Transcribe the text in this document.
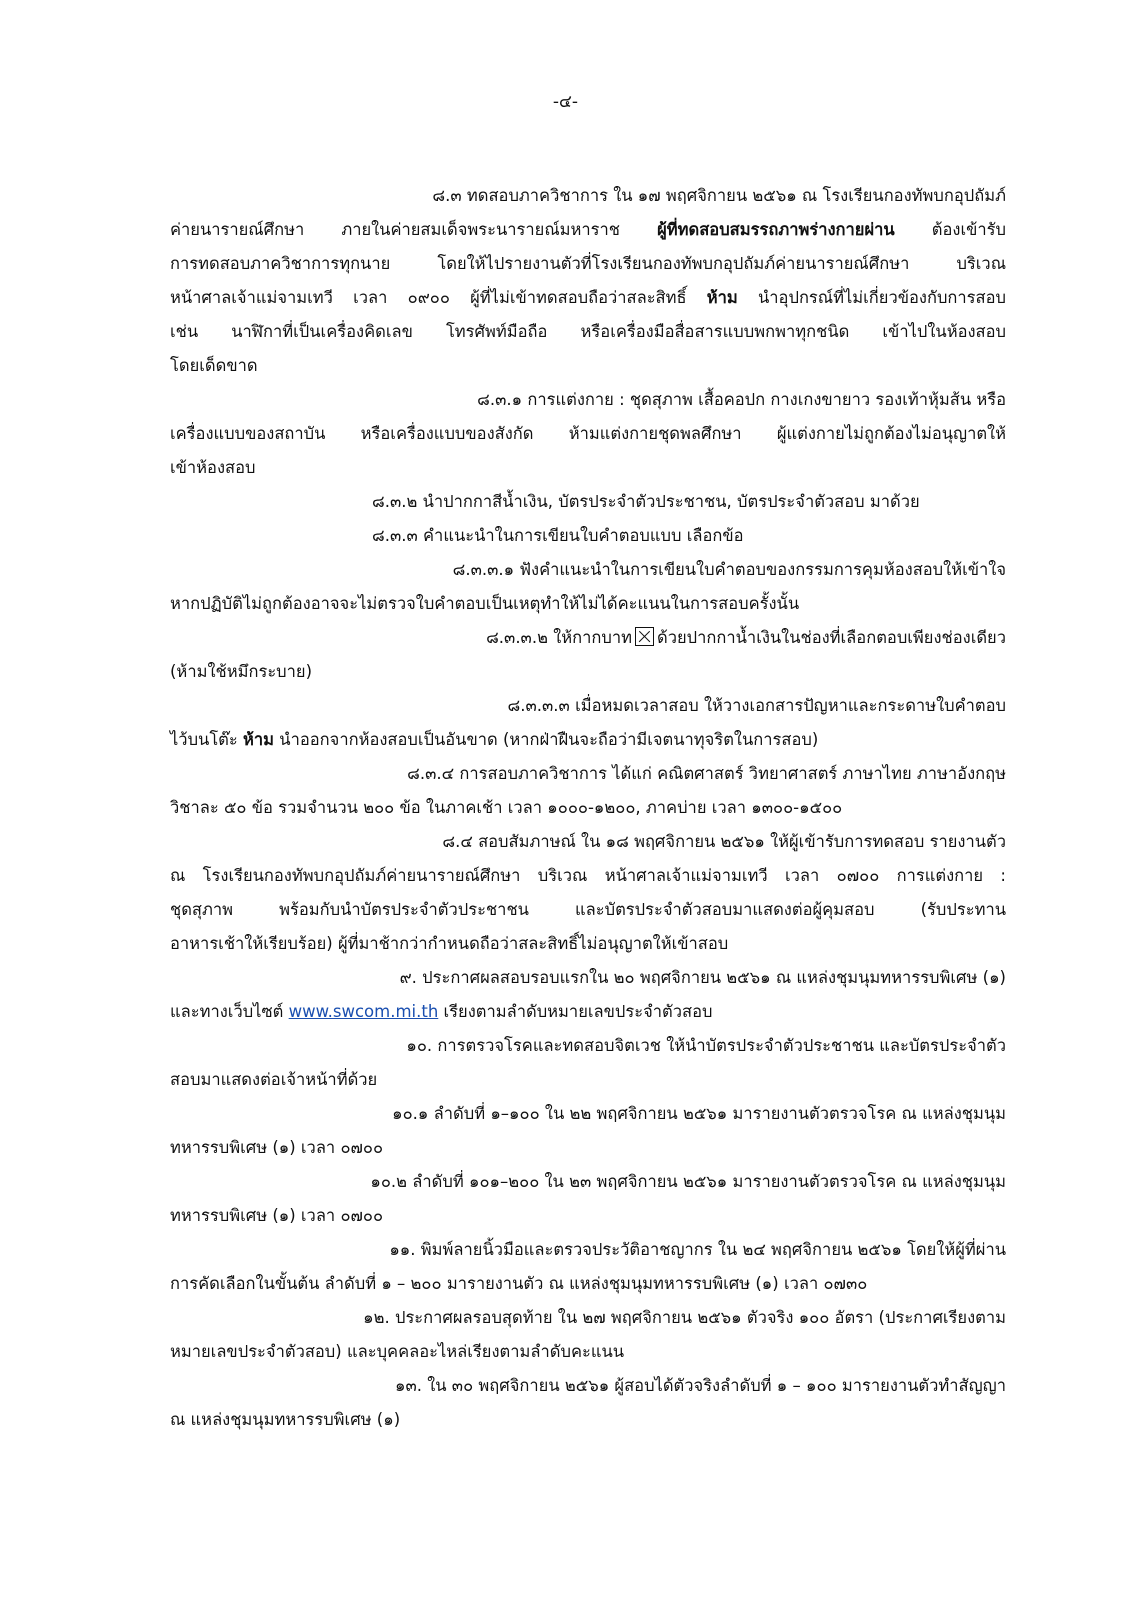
-๔-
๘.๓ ทดสอบภาควิชาการ ใน ๑๗ พฤศจิกายน ๒๕๖๑ ณ โรงเรียนกองทัพบกอุปถัมภ์
ค่ายนารายณ์ศึกษา ภายในค่ายสมเด็จพระนารายณ์มหาราช ผู้ที่ทดสอบสมรรถภาพร่างกายผ่าน ต้องเข้ารับ
การทดสอบภาควิชาการทุกนาย โดยให้ไปรายงานตัวที่โรงเรียนกองทัพบกอุปถัมภ์ค่ายนารายณ์ศึกษา บริเวณ
หน้าศาลเจ้าแม่จามเทวี เวลา ๐๙๐๐ ผู้ที่ไม่เข้าทดสอบถือว่าสละสิทธิ์ ห้าม นำอุปกรณ์ที่ไม่เกี่ยวข้องกับการสอบ
เช่น นาฬิกาที่เป็นเครื่องคิดเลข โทรศัพท์มือถือ หรือเครื่องมือสื่อสารแบบพกพาทุกชนิด เข้าไปในห้องสอบ
โดยเด็ดขาด
๘.๓.๑ การแต่งกาย : ชุดสุภาพ เสื้อคอปก กางเกงขายาว รองเท้าหุ้มส้น หรือ
เครื่องแบบของสถาบัน หรือเครื่องแบบของสังกัด ห้ามแต่งกายชุดพลศึกษา ผู้แต่งกายไม่ถูกต้องไม่อนุญาตให้
เข้าห้องสอบ
๘.๓.๒ นำปากกาสีน้ำเงิน, บัตรประจำตัวประชาชน, บัตรประจำตัวสอบ มาด้วย
๘.๓.๓ คำแนะนำในการเขียนใบคำตอบแบบ เลือกข้อ
๘.๓.๓.๑ ฟังคำแนะนำในการเขียนใบคำตอบของกรรมการคุมห้องสอบให้เข้าใจ
หากปฏิบัติไม่ถูกต้องอาจจะไม่ตรวจใบคำตอบเป็นเหตุทำให้ไม่ได้คะแนนในการสอบครั้งนั้น
๘.๓.๓.๒ ให้กากบาท ด้วยปากกาน้ำเงินในช่องที่เลือกตอบเพียงช่องเดียว
(ห้ามใช้หมึกระบาย)
๘.๓.๓.๓ เมื่อหมดเวลาสอบ ให้วางเอกสารปัญหาและกระดาษใบคำตอบ
ไว้บนโต๊ะ ห้าม นำออกจากห้องสอบเป็นอันขาด (หากฝ่าฝืนจะถือว่ามีเจตนาทุจริตในการสอบ)
๘.๓.๔ การสอบภาควิชาการ ได้แก่ คณิตศาสตร์ วิทยาศาสตร์ ภาษาไทย ภาษาอังกฤษ
วิชาละ ๕๐ ข้อ รวมจำนวน ๒๐๐ ข้อ ในภาคเช้า เวลา ๑๐๐๐-๑๒๐๐, ภาคบ่าย เวลา ๑๓๐๐-๑๕๐๐
๘.๔ สอบสัมภาษณ์ ใน ๑๘ พฤศจิกายน ๒๕๖๑ ให้ผู้เข้ารับการทดสอบ รายงานตัว
ณ โรงเรียนกองทัพบกอุปถัมภ์ค่ายนารายณ์ศึกษา บริเวณ หน้าศาลเจ้าแม่จามเทวี เวลา ๐๗๐๐ การแต่งกาย :
ชุดสุภาพ พร้อมกับนำบัตรประจำตัวประชาชน และบัตรประจำตัวสอบมาแสดงต่อผู้คุมสอบ (รับประทาน
อาหารเช้าให้เรียบร้อย) ผู้ที่มาช้ากว่ากำหนดถือว่าสละสิทธิ์ไม่อนุญาตให้เข้าสอบ
๙. ประกาศผลสอบรอบแรกใน ๒๐ พฤศจิกายน ๒๕๖๑ ณ แหล่งชุมนุมทหารรบพิเศษ (๑)
และทางเว็บไซต์ www.swcom.mi.th เรียงตามลำดับหมายเลขประจำตัวสอบ
๑๐. การตรวจโรคและทดสอบจิตเวช ให้นำบัตรประจำตัวประชาชน และบัตรประจำตัว
สอบมาแสดงต่อเจ้าหน้าที่ด้วย
๑๐.๑ ลำดับที่ ๑–๑๐๐ ใน ๒๒ พฤศจิกายน ๒๕๖๑ มารายงานตัวตรวจโรค ณ แหล่งชุมนุม
ทหารรบพิเศษ (๑) เวลา ๐๗๐๐
๑๐.๒ ลำดับที่ ๑๐๑–๒๐๐ ใน ๒๓ พฤศจิกายน ๒๕๖๑ มารายงานตัวตรวจโรค ณ แหล่งชุมนุม
ทหารรบพิเศษ (๑) เวลา ๐๗๐๐
๑๑. พิมพ์ลายนิ้วมือและตรวจประวัติอาชญากร ใน ๒๔ พฤศจิกายน ๒๕๖๑ โดยให้ผู้ที่ผ่าน
การคัดเลือกในขั้นต้น ลำดับที่ ๑ – ๒๐๐ มารายงานตัว ณ แหล่งชุมนุมทหารรบพิเศษ (๑) เวลา ๐๗๓๐
๑๒. ประกาศผลรอบสุดท้าย ใน ๒๗ พฤศจิกายน ๒๕๖๑ ตัวจริง ๑๐๐ อัตรา (ประกาศเรียงตาม
หมายเลขประจำตัวสอบ) และบุคคลอะไหล่เรียงตามลำดับคะแนน
๑๓. ใน ๓๐ พฤศจิกายน ๒๕๖๑ ผู้สอบได้ตัวจริงลำดับที่ ๑ – ๑๐๐ มารายงานตัวทำสัญญา
ณ แหล่งชุมนุมทหารรบพิเศษ (๑)
